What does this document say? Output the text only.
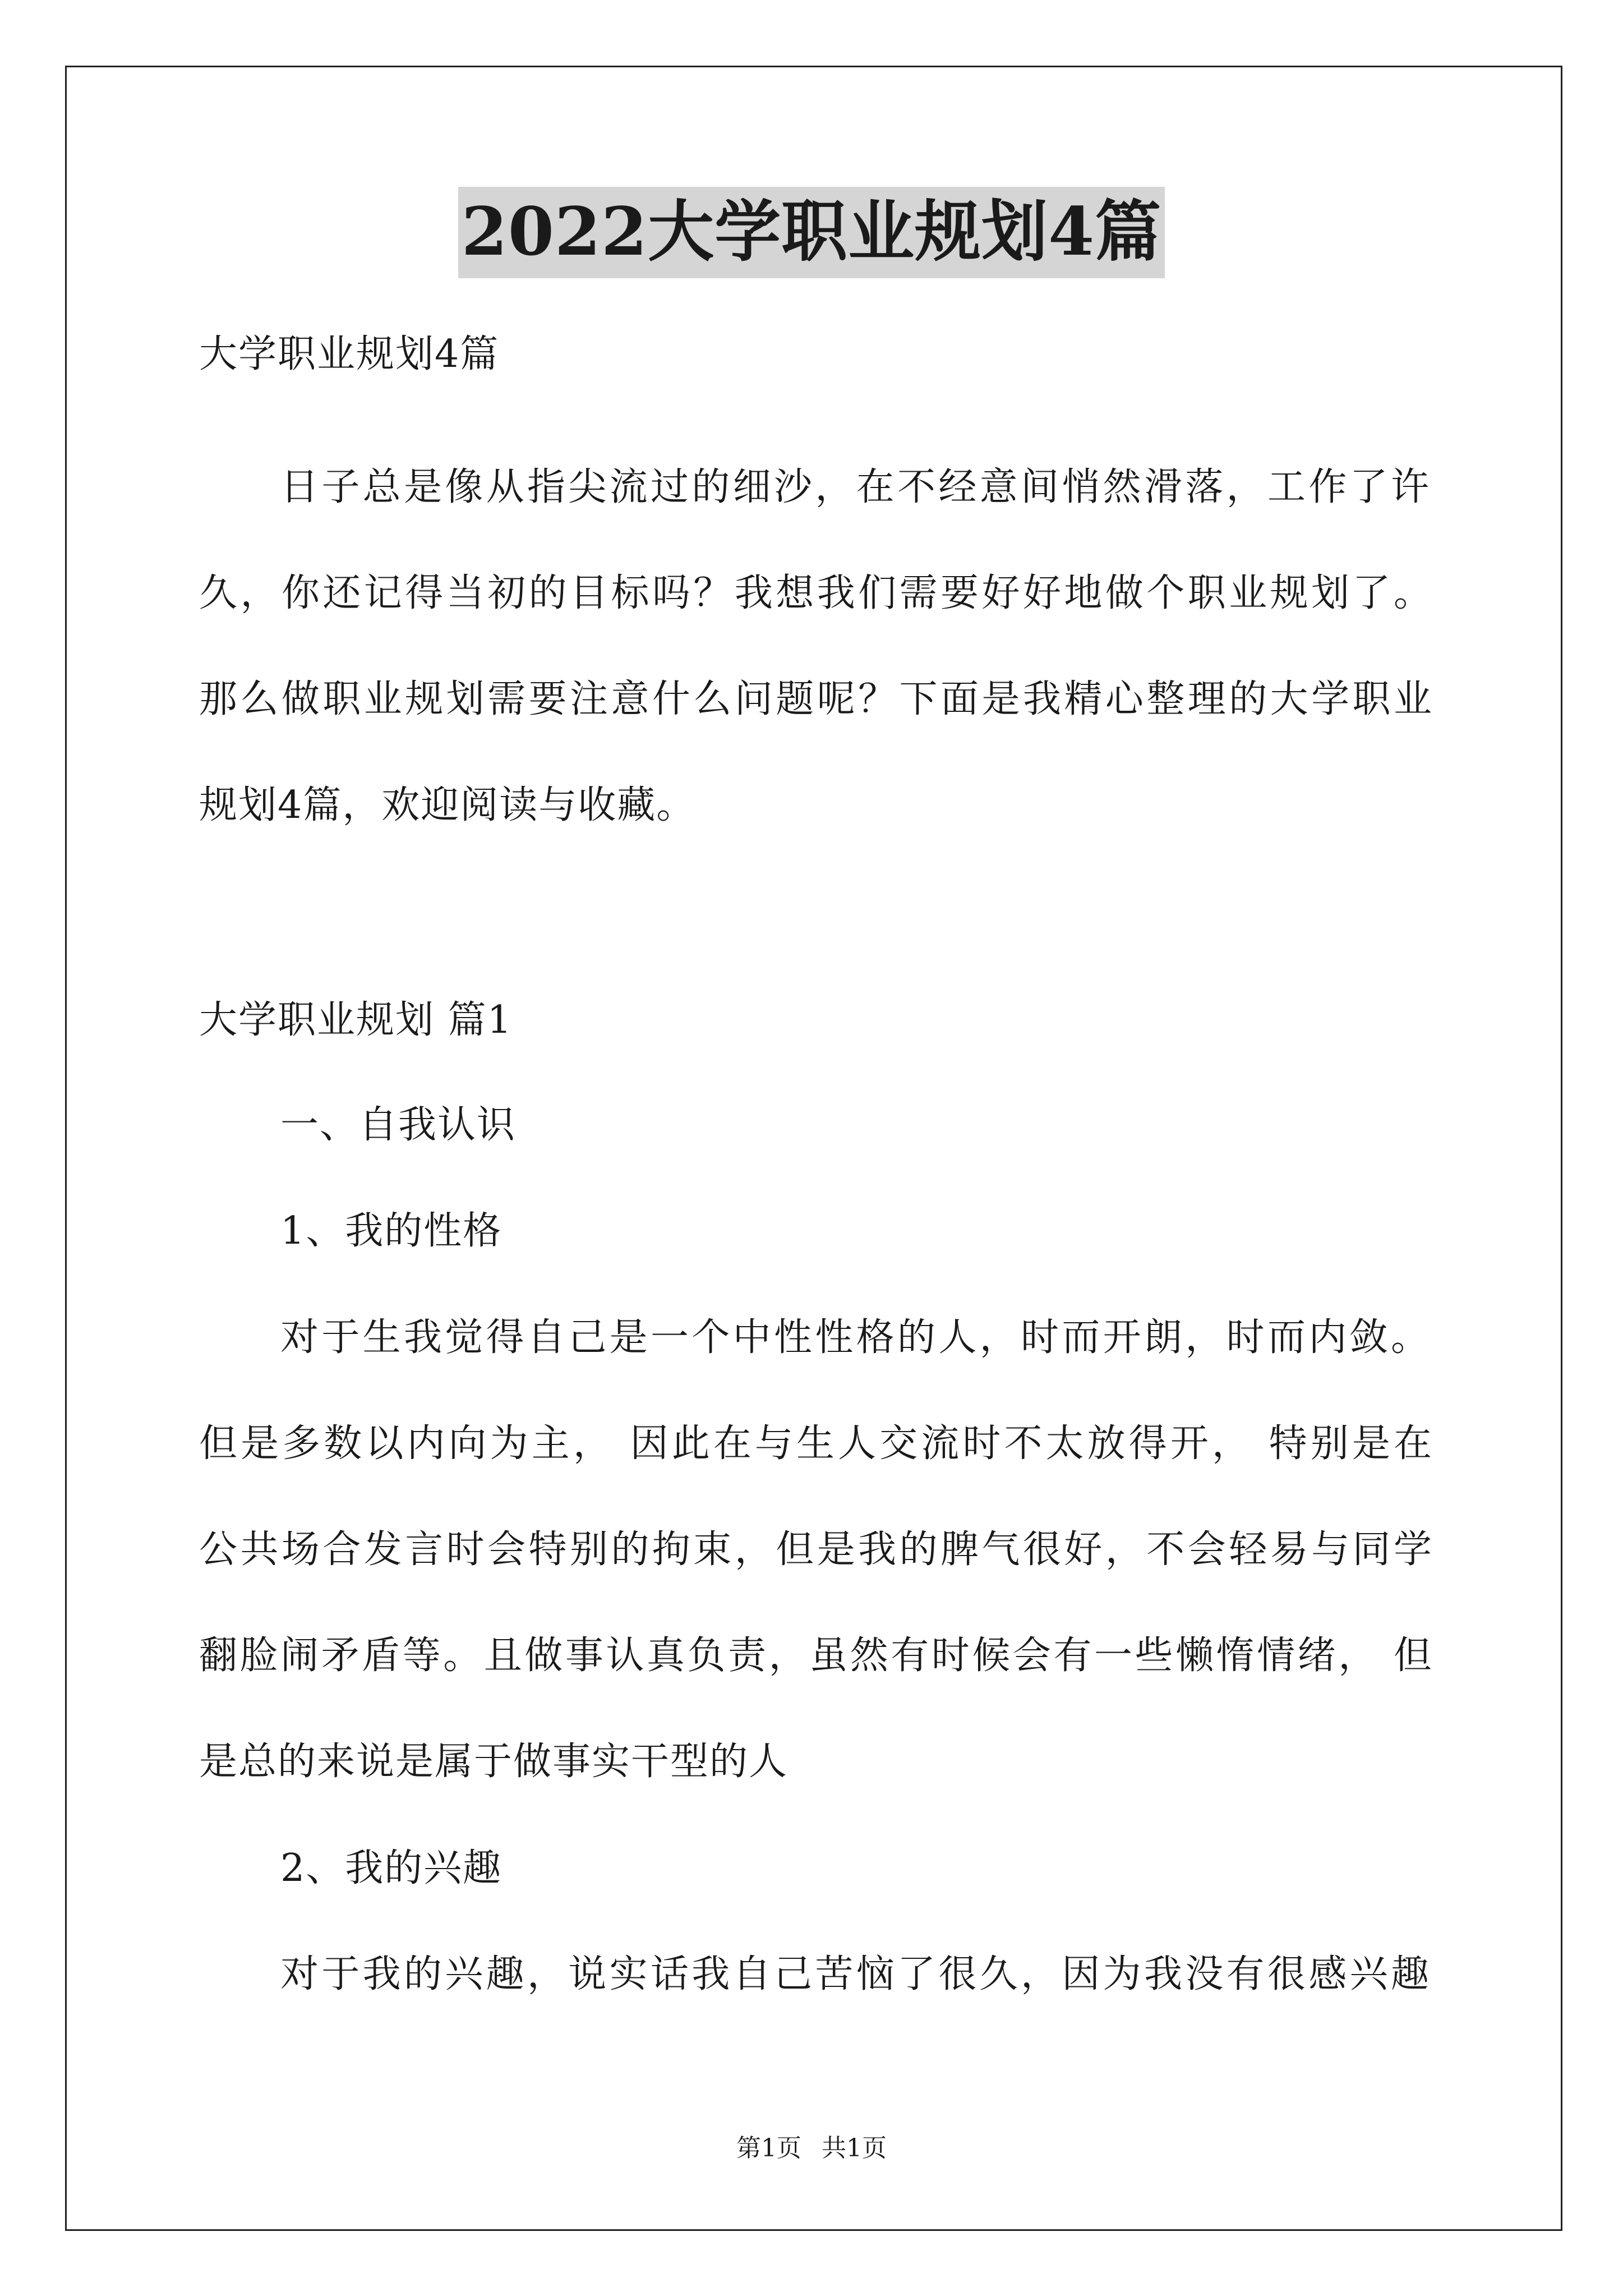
2022大学职业规划4篇
大学职业规划4篇
日子总是像从指尖流过的细沙，在不经意间悄然滑落，工作了许
久，你还记得当初的目标吗？我想我们需要好好地做个职业规划了。
那么做职业规划需要注意什么问题呢？下面是我精心整理的大学职业
规划4篇，欢迎阅读与收藏。
大学职业规划 篇1
一、自我认识
1、我的性格
对于生我觉得自己是一个中性性格的人，时而开朗，时而内敛。
但是多数以内向为主， 因此在与生人交流时不太放得开， 特别是在
公共场合发言时会特别的拘束，但是我的脾气很好，不会轻易与同学
翻脸闹矛盾等。且做事认真负责，虽然有时候会有一些懒惰情绪， 但
是总的来说是属于做事实干型的人
2、我的兴趣
对于我的兴趣，说实话我自己苦恼了很久，因为我没有很感兴趣
第1页 共1页
